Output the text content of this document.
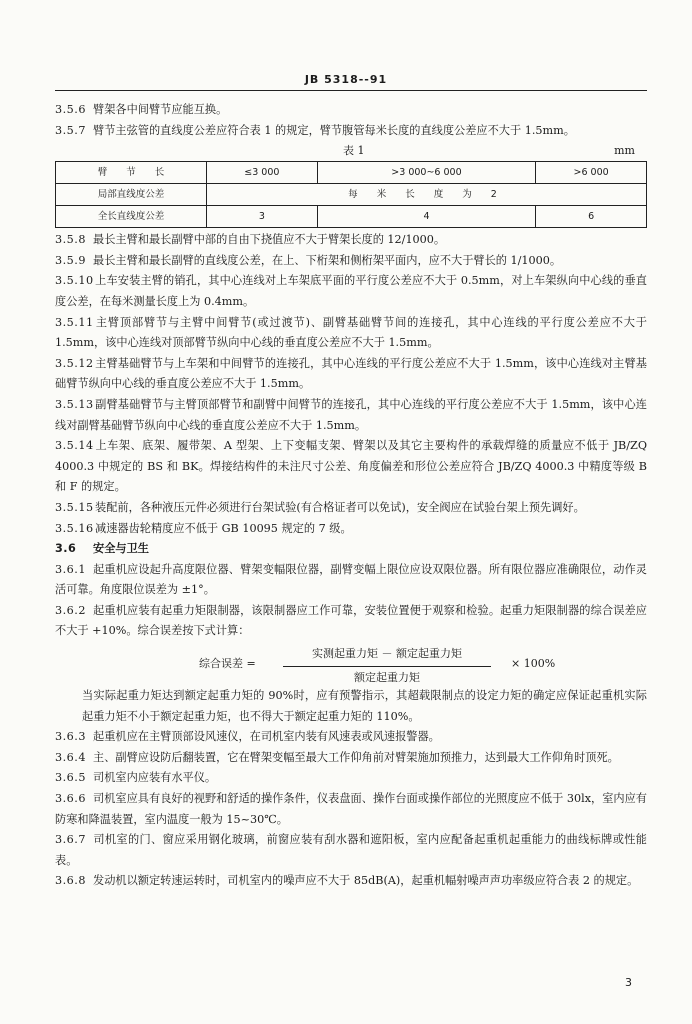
JB 5318--91

3.5.6 臂架各中间臂节应能互换。

3.5.7 臂节主弦管的直线度公差应符合表 1 的规定，臂节腹管每米长度的直线度公差应不大于 1.5mm。

表 1	mm
臂　　节　　长	≤3 000	>3 000~6 000	>6 000
局部直线度公差	每 米 长 度 为 2		
全长直线度公差	3	4	6

3.5.8 最长主臂和最长副臂中部的自由下挠值应不大于臂架长度的 12/1000。

3.5.9 最长主臂和最长副臂的直线度公差，在上、下桁架和侧桁架平面内，应不大于臂长的 1/1000。

3.5.10上车安装主臂的销孔，其中心连线对上车架底平面的平行度公差应不大于 0.5mm，对上车架纵向中心线的垂直度公差，在每米测量长度上为 0.4mm。

3.5.11主臂顶部臂节与主臂中间臂节(或过渡节)、副臂基础臂节间的连接孔，其中心连线的平行度公差应不大于 1.5mm，该中心连线对顶部臂节纵向中心线的垂直度公差应不大于 1.5mm。

3.5.12主臂基础臂节与上车架和中间臂节的连接孔，其中心连线的平行度公差应不大于 1.5mm，该中心连线对主臂基础臂节纵向中心线的垂直度公差应不大于 1.5mm。

3.5.13副臂基础臂节与主臂顶部臂节和副臂中间臂节的连接孔，其中心连线的平行度公差应不大于 1.5mm，该中心连线对副臂基础臂节纵向中心线的垂直度公差应不大于 1.5mm。

3.5.14上车架、底架、履带架、A 型架、上下变幅支架、臂架以及其它主要构件的承载焊缝的质量应不低于 JB/ZQ 4000.3 中规定的 BS 和 BK。焊接结构件的未注尺寸公差、角度偏差和形位公差应符合 JB/ZQ 4000.3 中精度等级 B 和 F 的规定。

3.5.15装配前，各种液压元件必须进行台架试验(有合格证者可以免试)，安全阀应在试验台架上预先调好。

3.5.16减速器齿轮精度应不低于 GB 10095 规定的 7 级。

3.6 安全与卫生

3.6.1 起重机应设起升高度限位器、臂架变幅限位器，副臂变幅上限位应设双限位器。所有限位器应准确限位，动作灵活可靠。角度限位误差为 ±1°。

3.6.2 起重机应装有起重力矩限制器，该限制器应工作可靠，安装位置便于观察和检验。起重力矩限制器的综合误差应不大于 +10%。综合误差按下式计算：

综合误差 =
实测起重力矩 － 额定起重力矩
额定起重力矩
× 100%

当实际起重力矩达到额定起重力矩的 90%时，应有预警指示，其超载限制点的设定力矩的确定应保证起重机实际起重力矩不小于额定起重力矩，也不得大于额定起重力矩的 110%。

3.6.3 起重机应在主臂顶部设风速仪，在司机室内装有风速表或风速报警器。

3.6.4 主、副臂应设防后翻装置，它在臂架变幅至最大工作仰角前对臂架施加预推力，达到最大工作仰角时顶死。

3.6.5 司机室内应装有水平仪。

3.6.6 司机室应具有良好的视野和舒适的操作条件，仪表盘面、操作台面或操作部位的光照度应不低于 30lx，室内应有防寒和降温装置，室内温度一般为 15~30℃。

3.6.7 司机室的门、窗应采用钢化玻璃，前窗应装有刮水器和遮阳板，室内应配备起重机起重能力的曲线标牌或性能表。

3.6.8 发动机以额定转速运转时，司机室内的噪声应不大于 85dB(A)，起重机幅射噪声声功率级应符合表 2 的规定。

3
